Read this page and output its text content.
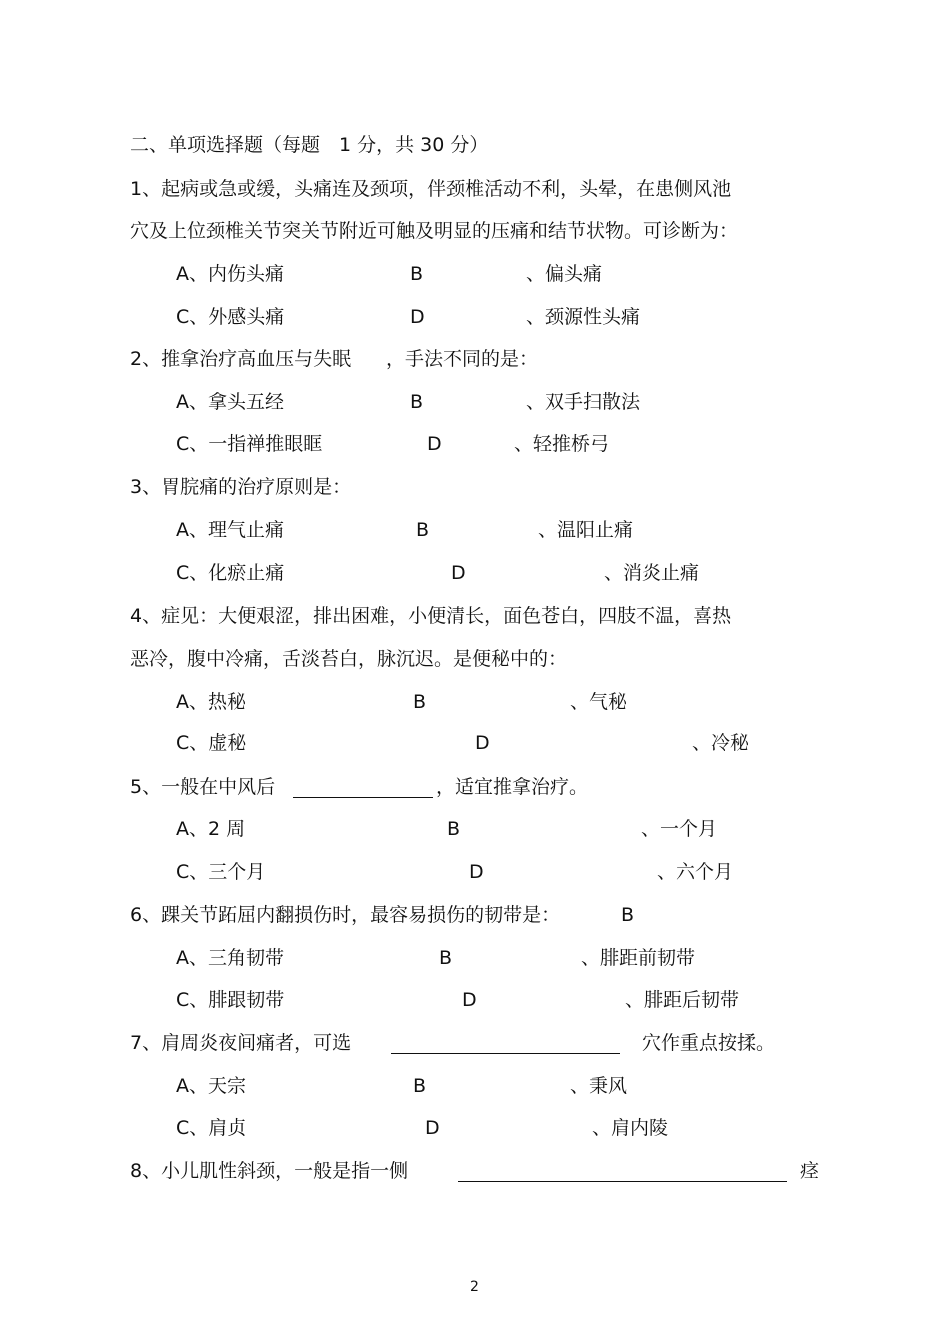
二、单项选择题（每题　1 分，共 30 分）
1、起病或急或缓，头痛连及颈项，伴颈椎活动不利，头晕，在患侧风池
穴及上位颈椎关节突关节附近可触及明显的压痛和结节状物。可诊断为：
A、内伤头痛	B	、偏头痛
C、外感头痛	D	、颈源性头痛
2、推拿治疗高血压与失眠 ，手法不同的是：
A、拿头五经	B	、双手扫散法
C、一指禅推眼眶	D	、轻推桥弓
3、胃脘痛的治疗原则是：
A、理气止痛	B	、温阳止痛
C、化瘀止痛	D	、消炎止痛
4、症见：大便艰涩，排出困难，小便清长，面色苍白，四肢不温，喜热
恶冷，腹中冷痛，舌淡苔白，脉沉迟。是便秘中的：
A、热秘	B	、气秘
C、虚秘	D	、冷秘
5、一般在中风后	，适宜推拿治疗。
A、2 周	B	、一个月
C、三个月	D	、六个月
6、踝关节跖屈内翻损伤时，最容易损伤的韧带是：	B
A、三角韧带	B	、腓距前韧带
C、腓跟韧带	D	、腓距后韧带
7、肩周炎夜间痛者，可选	穴作重点按揉。
A、天宗	B	、秉风
C、肩贞	D	、肩内陵
8、小儿肌性斜颈，一般是指一侧	痉
2
